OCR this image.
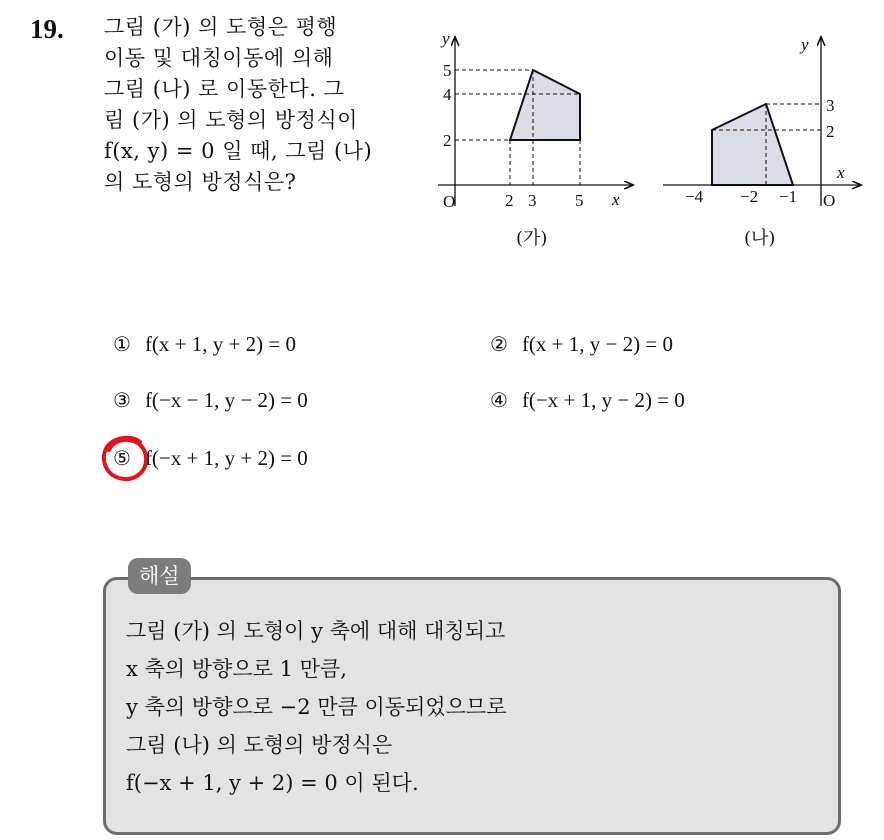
19. 그림 (가) 의 도형은 평행
이동 및 대칭이동에 의해
그림 (나) 로 이동한다. 그
림 (가) 의 도형의 방정식이
f(x, y) = 0 일 때, 그림 (나)
의 도형의 방정식은?
y
x
O	2 3 5
2
4
5
(가)
y
x
O
−4 −2 −1
2
3
(나)
① f(x + 1, y + 2) = 0	② f(x + 1, y − 2) = 0
③ f(−x − 1, y − 2) = 0	④ f(−x + 1, y − 2) = 0
⑤ f(−x + 1, y + 2) = 0
해설
그림 (가) 의 도형이 y 축에 대해 대칭되고
x 축의 방향으로 1 만큼,
y 축의 방향으로 −2 만큼 이동되었으므로
그림 (나) 의 도형의 방정식은
f(−x + 1, y + 2) = 0 이 된다.
